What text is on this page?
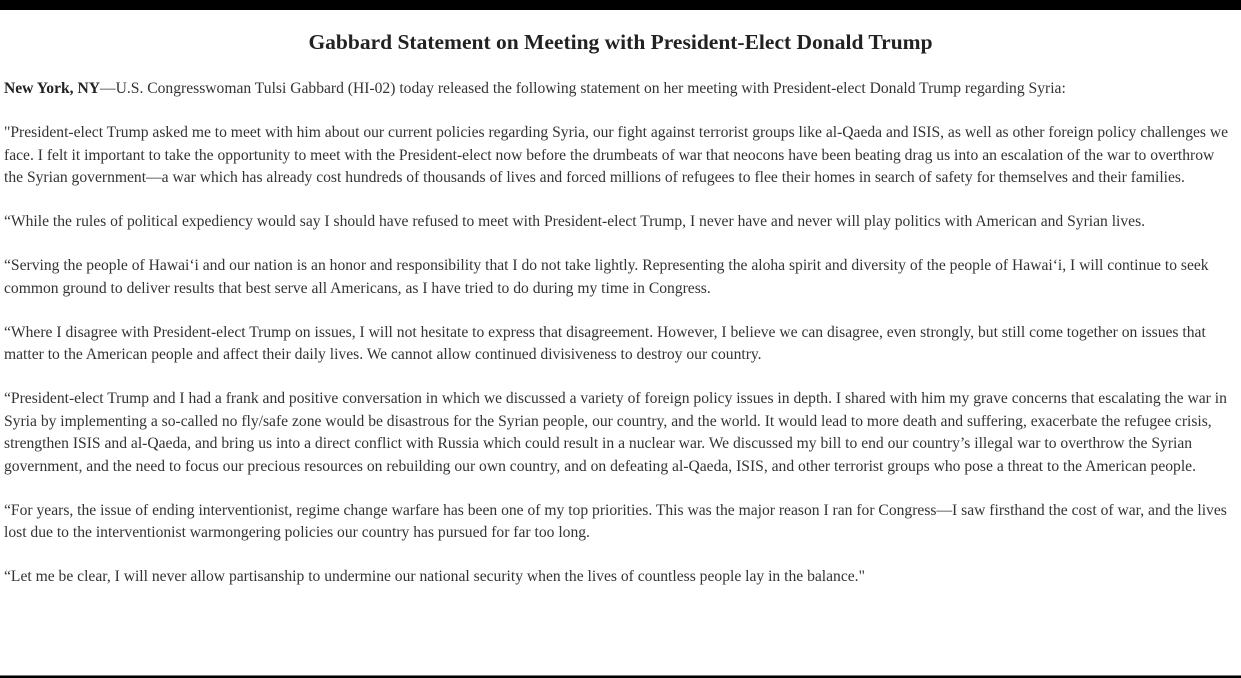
Gabbard Statement on Meeting with President-Elect Donald Trump

New York, NY—U.S. Congresswoman Tulsi Gabbard (HI-02) today released the following statement on her meeting with President-elect Donald Trump regarding Syria:

"President-elect Trump asked me to meet with him about our current policies regarding Syria, our fight against terrorist groups like al-Qaeda and ISIS, as well as other foreign policy challenges we face. I felt it important to take the opportunity to meet with the President-elect now before the drumbeats of war that neocons have been beating drag us into an escalation of the war to overthrow the Syrian government—a war which has already cost hundreds of thousands of lives and forced millions of refugees to flee their homes in search of safety for themselves and their families.

“While the rules of political expediency would say I should have refused to meet with President-elect Trump, I never have and never will play politics with American and Syrian lives.

“Serving the people of Hawaiʻi and our nation is an honor and responsibility that I do not take lightly. Representing the aloha spirit and diversity of the people of Hawaiʻi, I will continue to seek common ground to deliver results that best serve all Americans, as I have tried to do during my time in Congress.

“Where I disagree with President-elect Trump on issues, I will not hesitate to express that disagreement. However, I believe we can disagree, even strongly, but still come together on issues that matter to the American people and affect their daily lives. We cannot allow continued divisiveness to destroy our country.

“President-elect Trump and I had a frank and positive conversation in which we discussed a variety of foreign policy issues in depth. I shared with him my grave concerns that escalating the war in Syria by implementing a so-called no fly/safe zone would be disastrous for the Syrian people, our country, and the world. It would lead to more death and suffering, exacerbate the refugee crisis, strengthen ISIS and al-Qaeda, and bring us into a direct conflict with Russia which could result in a nuclear war. We discussed my bill to end our country’s illegal war to overthrow the Syrian government, and the need to focus our precious resources on rebuilding our own country, and on defeating al-Qaeda, ISIS, and other terrorist groups who pose a threat to the American people.

“For years, the issue of ending interventionist, regime change warfare has been one of my top priorities. This was the major reason I ran for Congress—I saw firsthand the cost of war, and the lives lost due to the interventionist warmongering policies our country has pursued for far too long.

“Let me be clear, I will never allow partisanship to undermine our national security when the lives of countless people lay in the balance."
